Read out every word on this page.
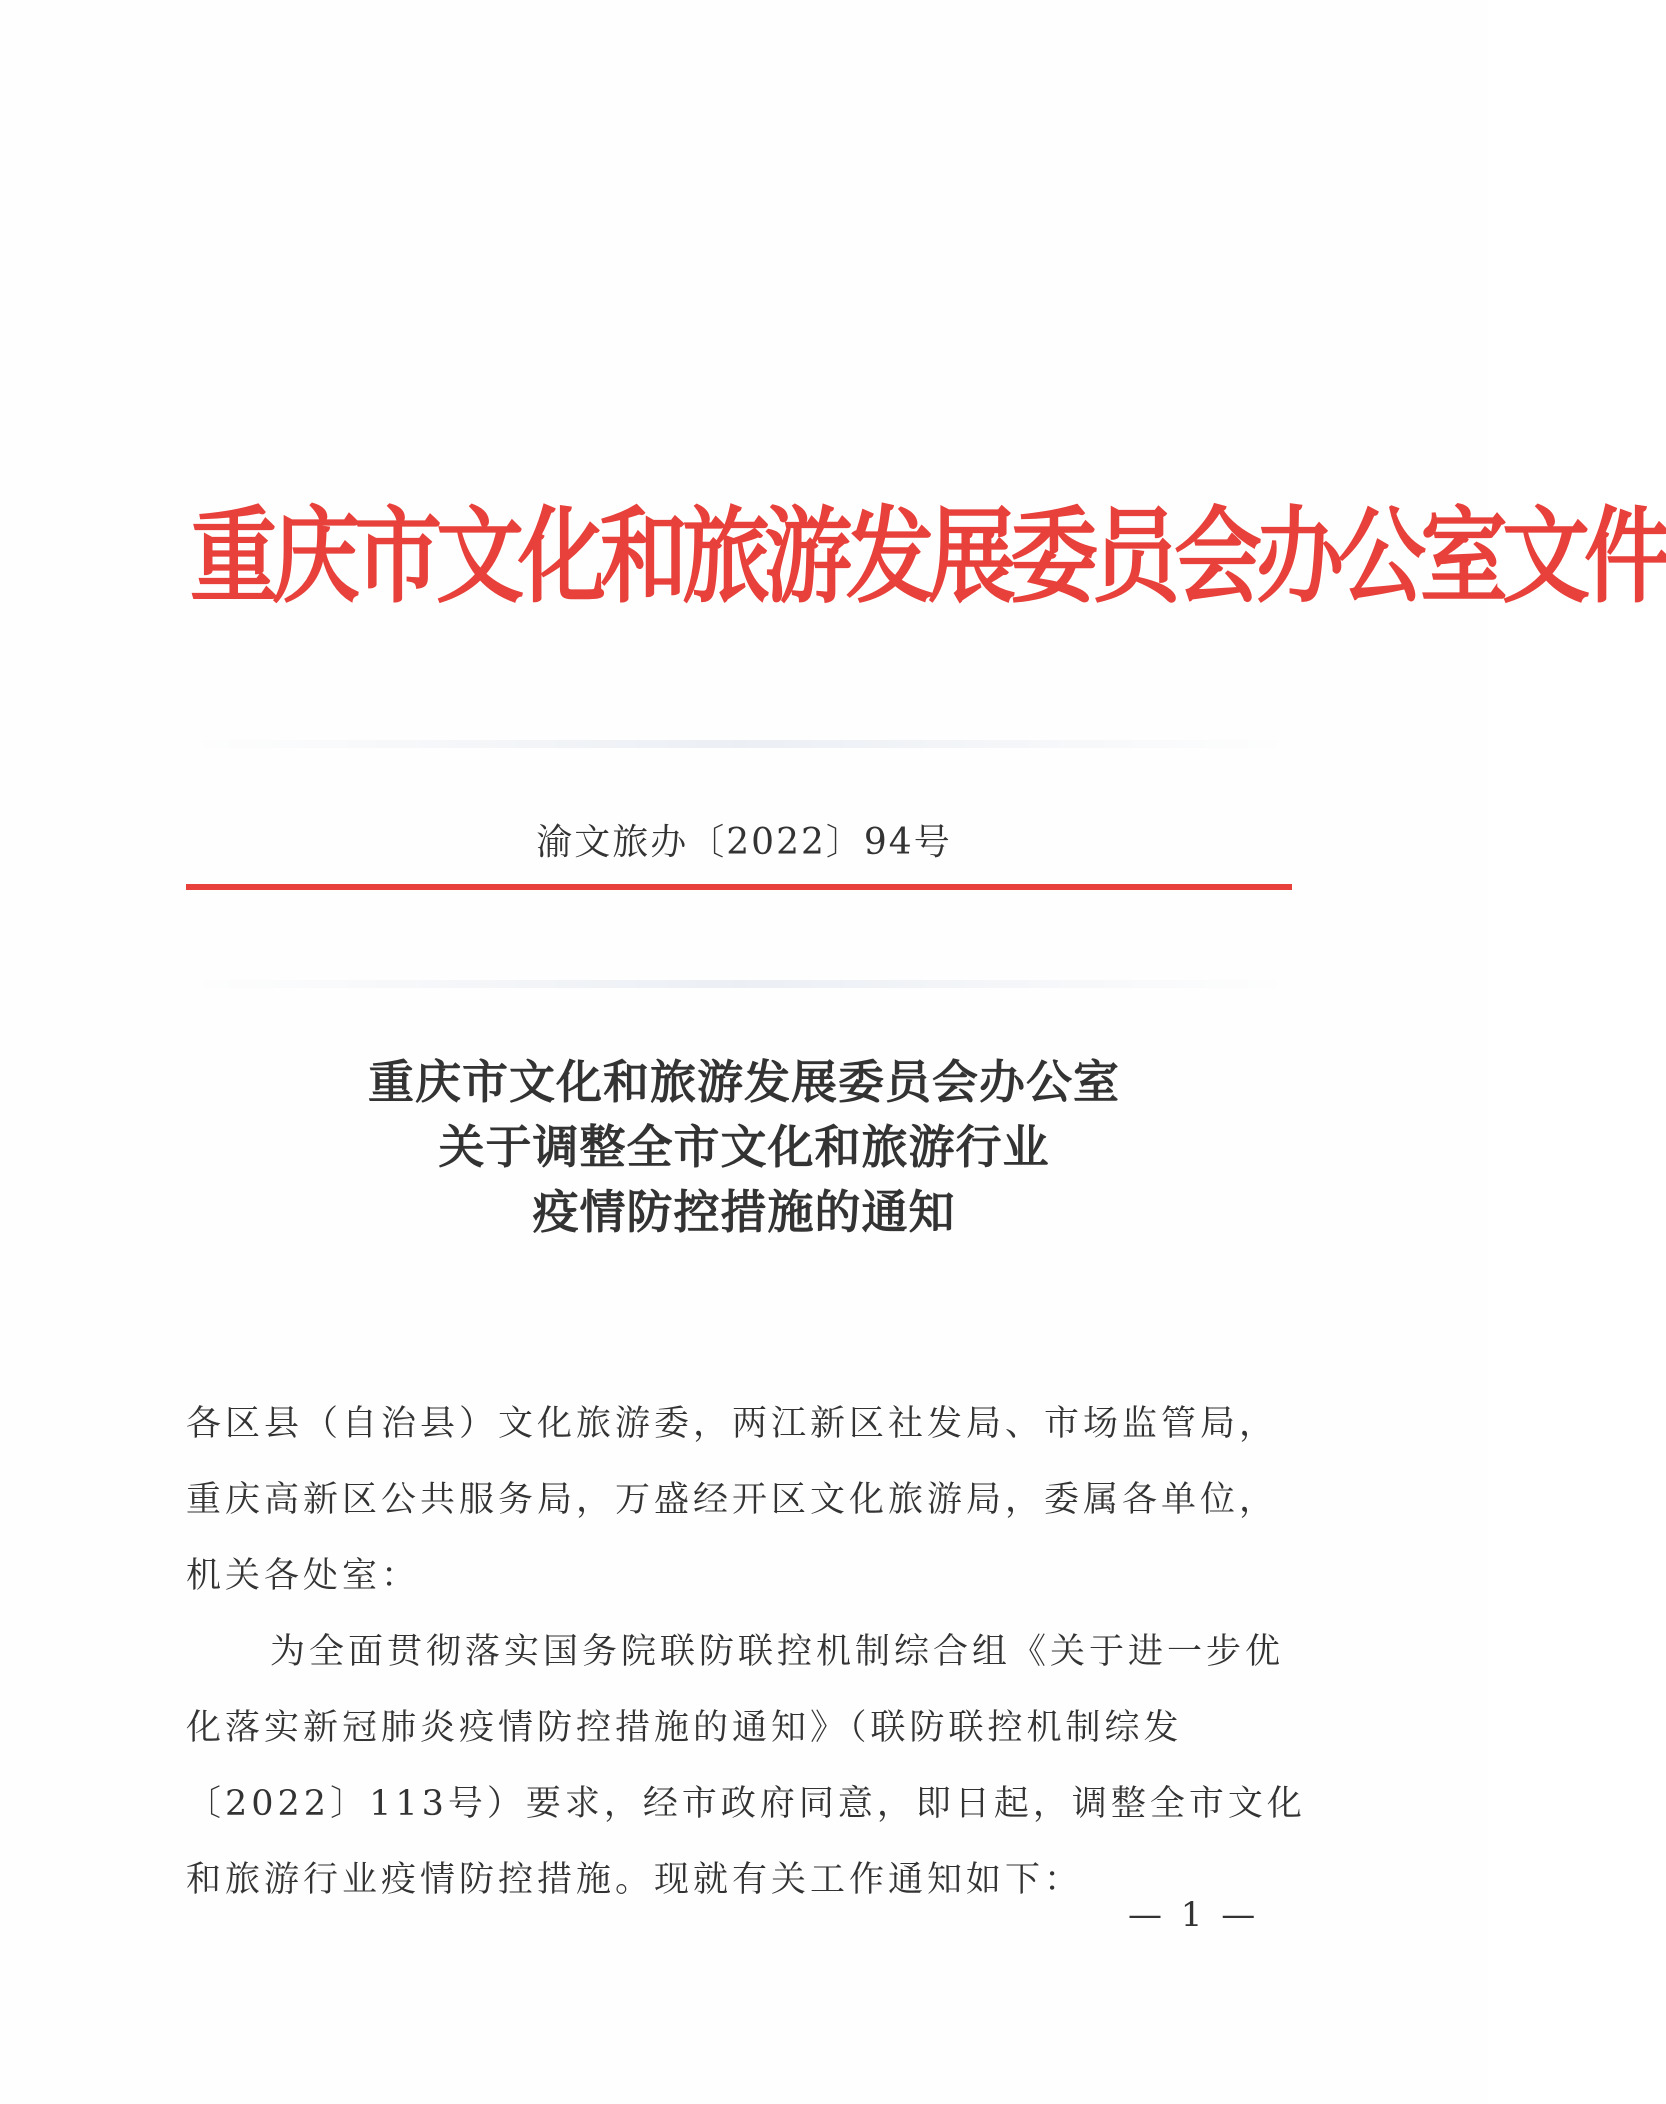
重庆市文化和旅游发展委员会办公室文件
渝文旅办〔2022〕94号
重庆市文化和旅游发展委员会办公室
关于调整全市文化和旅游行业
疫情防控措施的通知

各区县（自治县）文化旅游委，两江新区社发局、市场监管局，重庆高新区公共服务局，万盛经开区文化旅游局，委属各单位，机关各处室：

为全面贯彻落实国务院联防联控机制综合组《关于进一步优化落实新冠肺炎疫情防控措施的通知》（联防联控机制综发〔2022〕113号）要求，经市政府同意，即日起，调整全市文化和旅游行业疫情防控措施。现就有关工作通知如下：

— 1 —
